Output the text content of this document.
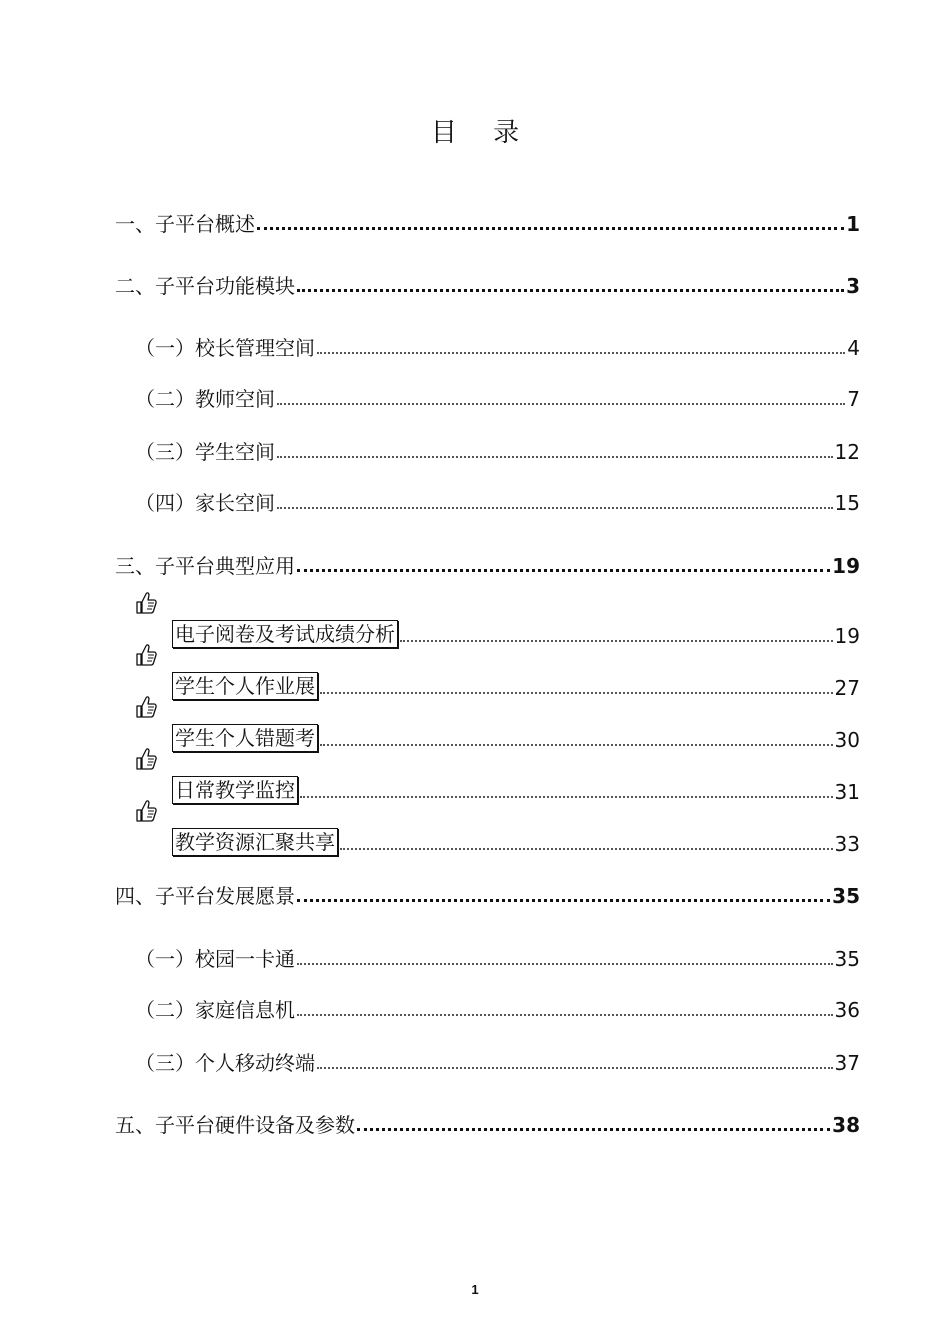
目 录
一、子平台概述	1
二、子平台功能模块	3
（一）校长管理空间	4
（二）教师空间	7
（三）学生空间	12
（四）家长空间	15
三、子平台典型应用	19
电子阅卷及考试成绩分析	19
学生个人作业展	27
学生个人错题考	30
日常教学监控	31
教学资源汇聚共享	33
四、子平台发展愿景	35
（一）校园一卡通	35
（二）家庭信息机	36
（三）个人移动终端	37
五、子平台硬件设备及参数	38
1
